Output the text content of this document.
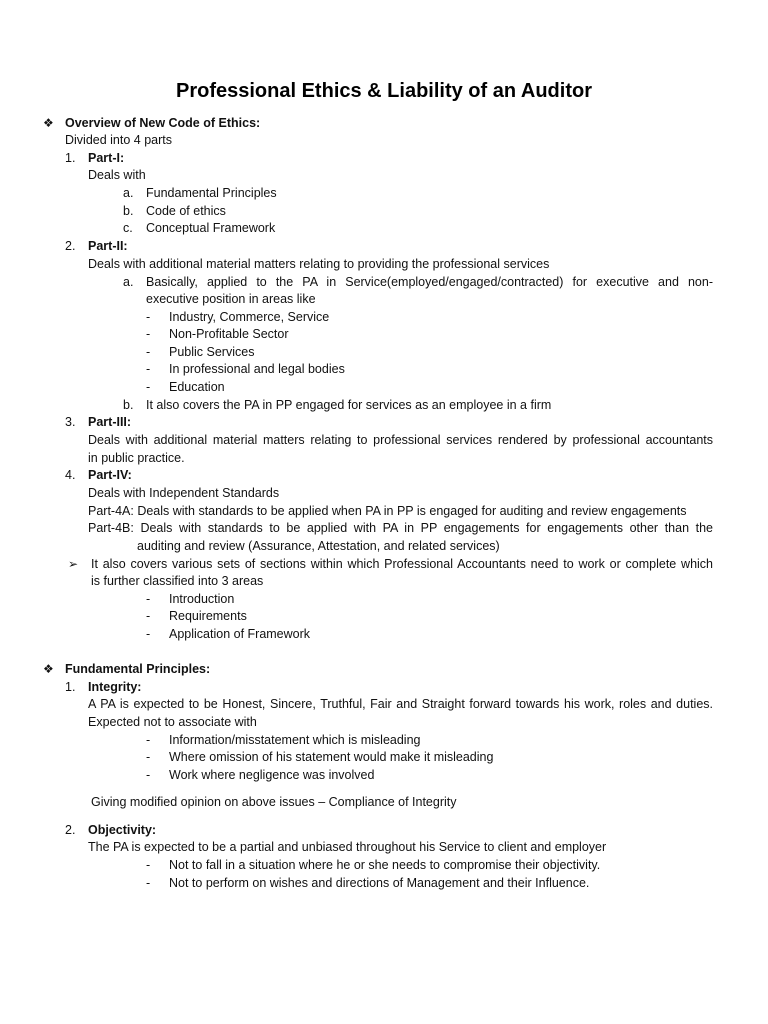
Professional Ethics & Liability of an Auditor
❖ Overview of New Code of Ethics:
Divided into 4 parts
1. Part-I:
Deals with
a. Fundamental Principles
b. Code of ethics
c. Conceptual Framework
2. Part-II:
Deals with additional material matters relating to providing the professional services
a. Basically, applied to the PA in Service(employed/engaged/contracted) for executive and non-
executive position in areas like
- Industry, Commerce, Service
- Non-Profitable Sector
- Public Services
- In professional and legal bodies
- Education
b. It also covers the PA in PP engaged for services as an employee in a firm
3. Part-III:
Deals with additional material matters relating to professional services rendered by professional accountants
in public practice.
4. Part-IV:
Deals with Independent Standards
Part-4A: Deals with standards to be applied when PA in PP is engaged for auditing and review engagements
Part-4B: Deals with standards to be applied with PA in PP engagements for engagements other than the
auditing and review (Assurance, Attestation, and related services)
➢ It also covers various sets of sections within which Professional Accountants need to work or complete which
is further classified into 3 areas
- Introduction
- Requirements
- Application of Framework
❖ Fundamental Principles:
1. Integrity:
A PA is expected to be Honest, Sincere, Truthful, Fair and Straight forward towards his work, roles and duties.
Expected not to associate with
- Information/misstatement which is misleading
- Where omission of his statement would make it misleading
- Work where negligence was involved
Giving modified opinion on above issues – Compliance of Integrity
2. Objectivity:
The PA is expected to be a partial and unbiased throughout his Service to client and employer
- Not to fall in a situation where he or she needs to compromise their objectivity.
- Not to perform on wishes and directions of Management and their Influence.
